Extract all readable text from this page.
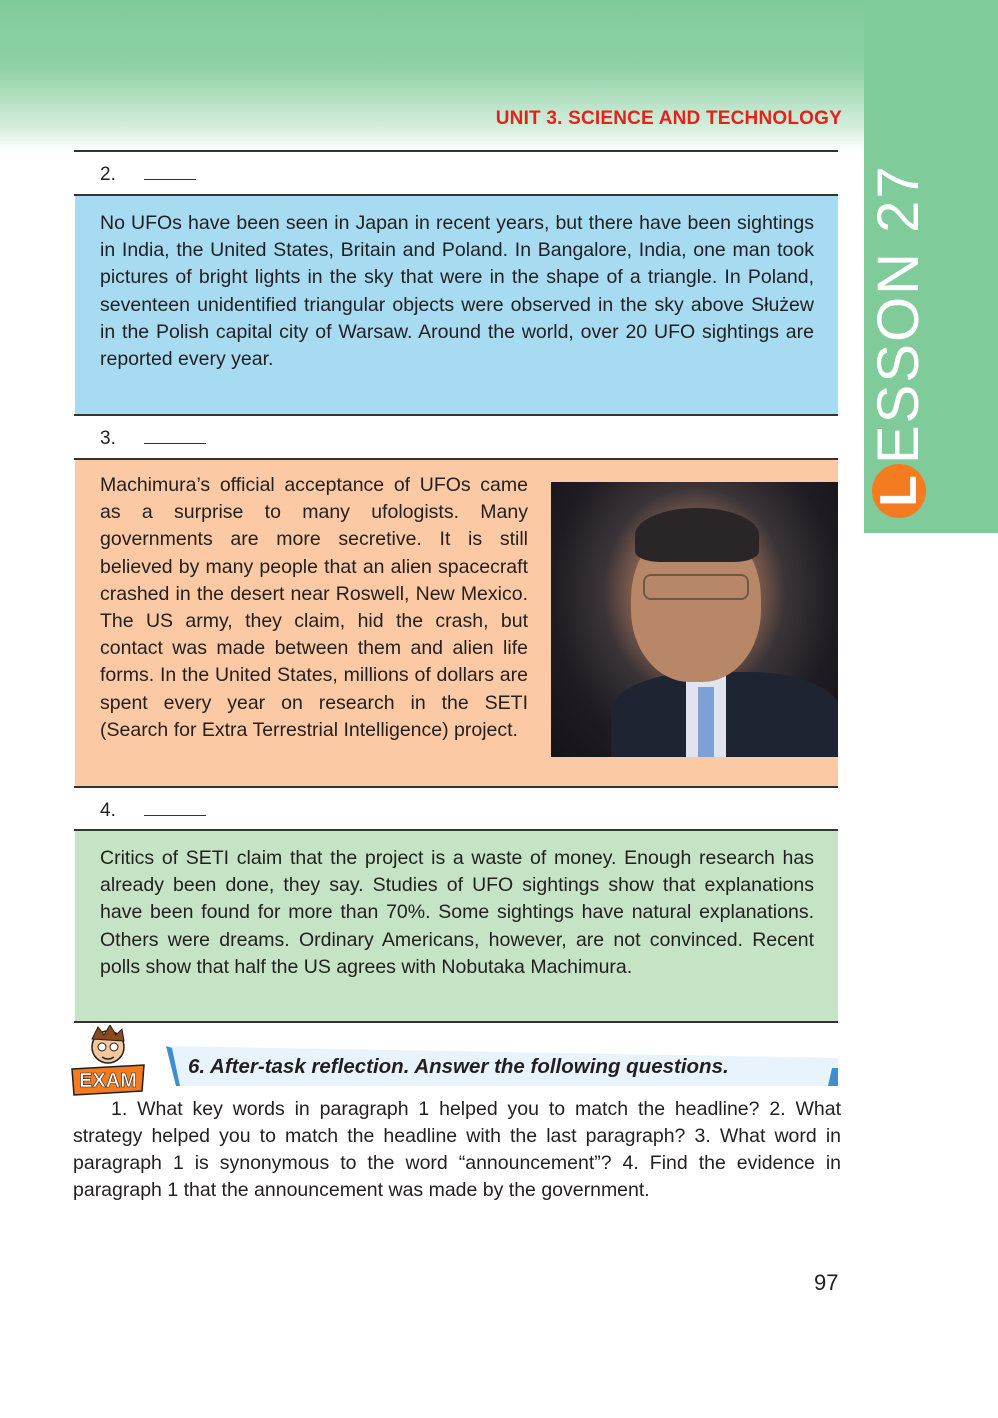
L
ESSON 27
UNIT 3. SCIENCE AND TECHNOLOGY
2.

No UFOs have been seen in Japan in recent years, but there have been sightings in India, the United States, Britain and Poland. In Bangalore, India, one man took pictures of bright lights in the sky that were in the shape of a triangle. In Poland, seventeen unidentified triangular objects were observed in the sky above Służew in the Polish capital city of Warsaw. Around the world, over 20 UFO sightings are reported every year.

3.

Machimura’s official acceptance of UFOs came as a surprise to many ufologists. Many governments are more secretive. It is still believed by many people that an alien spacecraft crashed in the desert near Roswell, New Mexico. The US army, they claim, hid the crash, but contact was made between them and alien life forms. In the United States, millions of dollars are spent every year on research in the SETI (Search for Extra Terrestrial Intelligence) project.

4.

Critics of SETI claim that the project is a waste of money. Enough research has already been done, they say. Studies of UFO sightings show that explanations have been found for more than 70%. Some sightings have natural explanations. Others were dreams. Ordinary Americans, however, are not convinced. Recent polls show that half the US agrees with Nobutaka Machimura.

EXAM
6. After-task reflection. Answer the following questions.

1. What key words in paragraph 1 helped you to match the headline? 2. What strategy helped you to match the headline with the last paragraph? 3. What word in paragraph 1 is synonymous to the word “announcement”? 4. Find the evidence in paragraph 1 that the announcement was made by the government.

97
